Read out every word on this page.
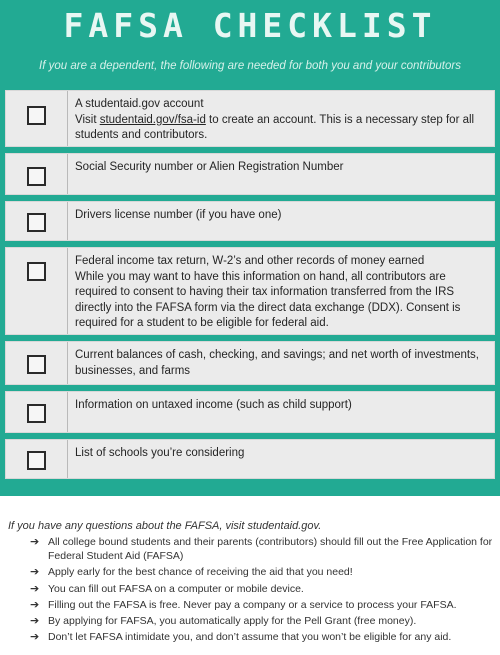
FAFSA CHECKLIST
If you are a dependent, the following are needed for both you and your contributors
A studentaid.gov account
Visit studentaid.gov/fsa-id to create an account. This is a necessary step for all students and contributors.
Social Security number or Alien Registration Number
Drivers license number (if you have one)
Federal income tax return, W-2’s and other records of money earned
While you may want to have this information on hand, all contributors are required to consent to having their tax information transferred from the IRS directly into the FAFSA form via the direct data exchange (DDX). Consent is required for a student to be eligible for federal aid.
Current balances of cash, checking, and savings; and net worth of investments, businesses, and farms
Information on untaxed income (such as child support)
List of schools you’re considering
If you have any questions about the FAFSA, visit studentaid.gov.
➔ All college bound students and their parents (contributors) should fill out the Free Application for Federal Student Aid (FAFSA)
➔ Apply early for the best chance of receiving the aid that you need!
➔ You can fill out FAFSA on a computer or mobile device.
➔ Filling out the FAFSA is free. Never pay a company or a service to process your FAFSA.
➔ By applying for FAFSA, you automatically apply for the Pell Grant (free money).
➔ Don’t let FAFSA intimidate you, and don’t assume that you won’t be eligible for any aid.
